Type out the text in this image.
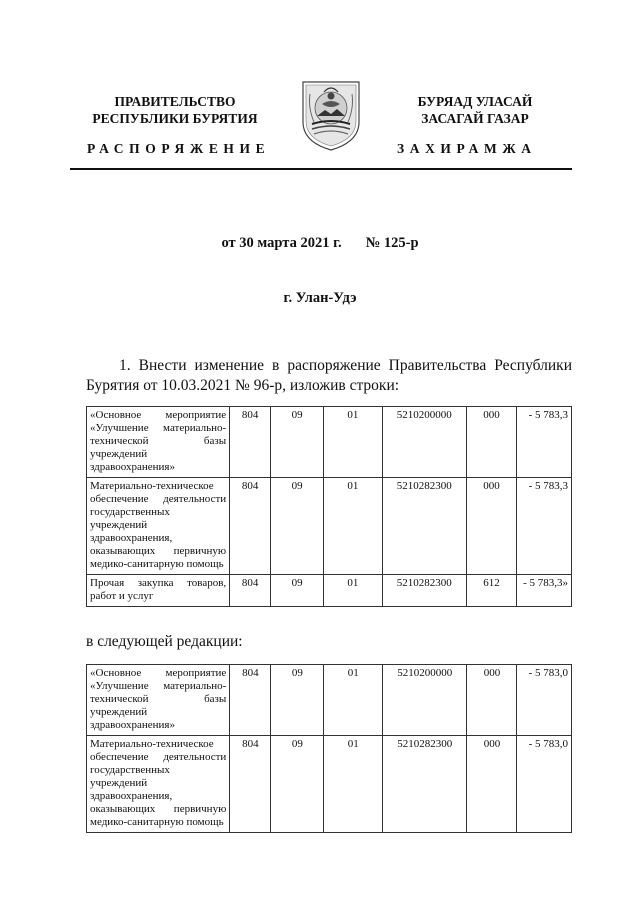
ПРАВИТЕЛЬСТВО
РЕСПУБЛИКИ БУРЯТИЯ
БУРЯАД УЛАСАЙ
ЗАСАГАЙ ГАЗАР
РАСПОРЯЖЕНИЕ	ЗАХИРАМЖА
от 30 марта 2021 г. № 125-р
г. Улан-Удэ
1. Внести изменение в распоряжение Правительства Республики Бурятия от 10.03.2021 № 96-р, изложив строки:
«Основное мероприятие «Улучшение материально-технической базы учреждений здравоохранения»	804	09	01	5210200000	000	- 5 783,3
Материально-техническое обеспечение деятельности государственных учреждений здравоохранения, оказывающих первичную медико-санитарную помощь	804	09	01	5210282300	000	- 5 783,3
Прочая закупка товаров, работ и услуг	804	09	01	5210282300	612	- 5 783,3»
в следующей редакции:
«Основное мероприятие «Улучшение материально-технической базы учреждений здравоохранения»	804	09	01	5210200000	000	- 5 783,0
Материально-техническое обеспечение деятельности государственных учреждений здравоохранения, оказывающих первичную медико-санитарную помощь	804	09	01	5210282300	000	- 5 783,0
